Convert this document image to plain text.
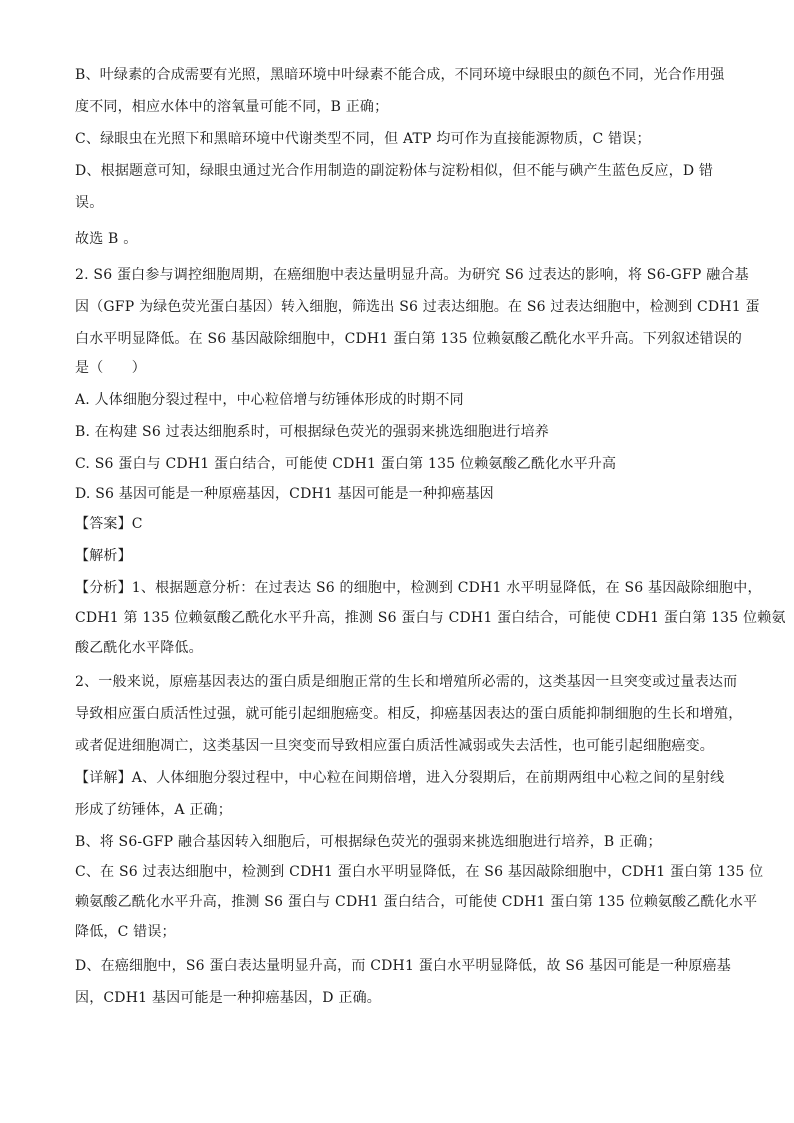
B、叶绿素的合成需要有光照，黑暗环境中叶绿素不能合成，不同环境中绿眼虫的颜色不同，光合作用强
度不同，相应水体中的溶氧量可能不同，B 正确；
C、绿眼虫在光照下和黑暗环境中代谢类型不同，但 ATP 均可作为直接能源物质，C 错误；
D、根据题意可知，绿眼虫通过光合作用制造的副淀粉体与淀粉相似，但不能与碘产生蓝色反应，D 错
误。
故选 B 。
2. S6 蛋白参与调控细胞周期，在癌细胞中表达量明显升高。为研究 S6 过表达的影响，将 S6-GFP 融合基
因（GFP 为绿色荧光蛋白基因）转入细胞，筛选出 S6 过表达细胞。在 S6 过表达细胞中，检测到 CDH1 蛋
白水平明显降低。在 S6 基因敲除细胞中，CDH1 蛋白第 135 位赖氨酸乙酰化水平升高。下列叙述错误的
是（　　）
A. 人体细胞分裂过程中，中心粒倍增与纺锤体形成的时期不同
B. 在构建 S6 过表达细胞系时，可根据绿色荧光的强弱来挑选细胞进行培养
C. S6 蛋白与 CDH1 蛋白结合，可能使 CDH1 蛋白第 135 位赖氨酸乙酰化水平升高
D. S6 基因可能是一种原癌基因，CDH1 基因可能是一种抑癌基因
【答案】C
【解析】
【分析】1、根据题意分析：在过表达 S6 的细胞中，检测到 CDH1 水平明显降低，在 S6 基因敲除细胞中，
CDH1 第 135 位赖氨酸乙酰化水平升高，推测 S6 蛋白与 CDH1 蛋白结合，可能使 CDH1 蛋白第 135 位赖氨
酸乙酰化水平降低。
2、一般来说，原癌基因表达的蛋白质是细胞正常的生长和增殖所必需的，这类基因一旦突变或过量表达而
导致相应蛋白质活性过强，就可能引起细胞癌变。相反，抑癌基因表达的蛋白质能抑制细胞的生长和增殖，
或者促进细胞凋亡，这类基因一旦突变而导致相应蛋白质活性减弱或失去活性，也可能引起细胞癌变。
【详解】A、人体细胞分裂过程中，中心粒在间期倍增，进入分裂期后，在前期两组中心粒之间的星射线
形成了纺锤体，A 正确；
B、将 S6-GFP 融合基因转入细胞后，可根据绿色荧光的强弱来挑选细胞进行培养，B 正确；
C、在 S6 过表达细胞中，检测到 CDH1 蛋白水平明显降低，在 S6 基因敲除细胞中，CDH1 蛋白第 135 位
赖氨酸乙酰化水平升高，推测 S6 蛋白与 CDH1 蛋白结合，可能使 CDH1 蛋白第 135 位赖氨酸乙酰化水平
降低，C 错误；
D、在癌细胞中，S6 蛋白表达量明显升高，而 CDH1 蛋白水平明显降低，故 S6 基因可能是一种原癌基
因，CDH1 基因可能是一种抑癌基因，D 正确。
